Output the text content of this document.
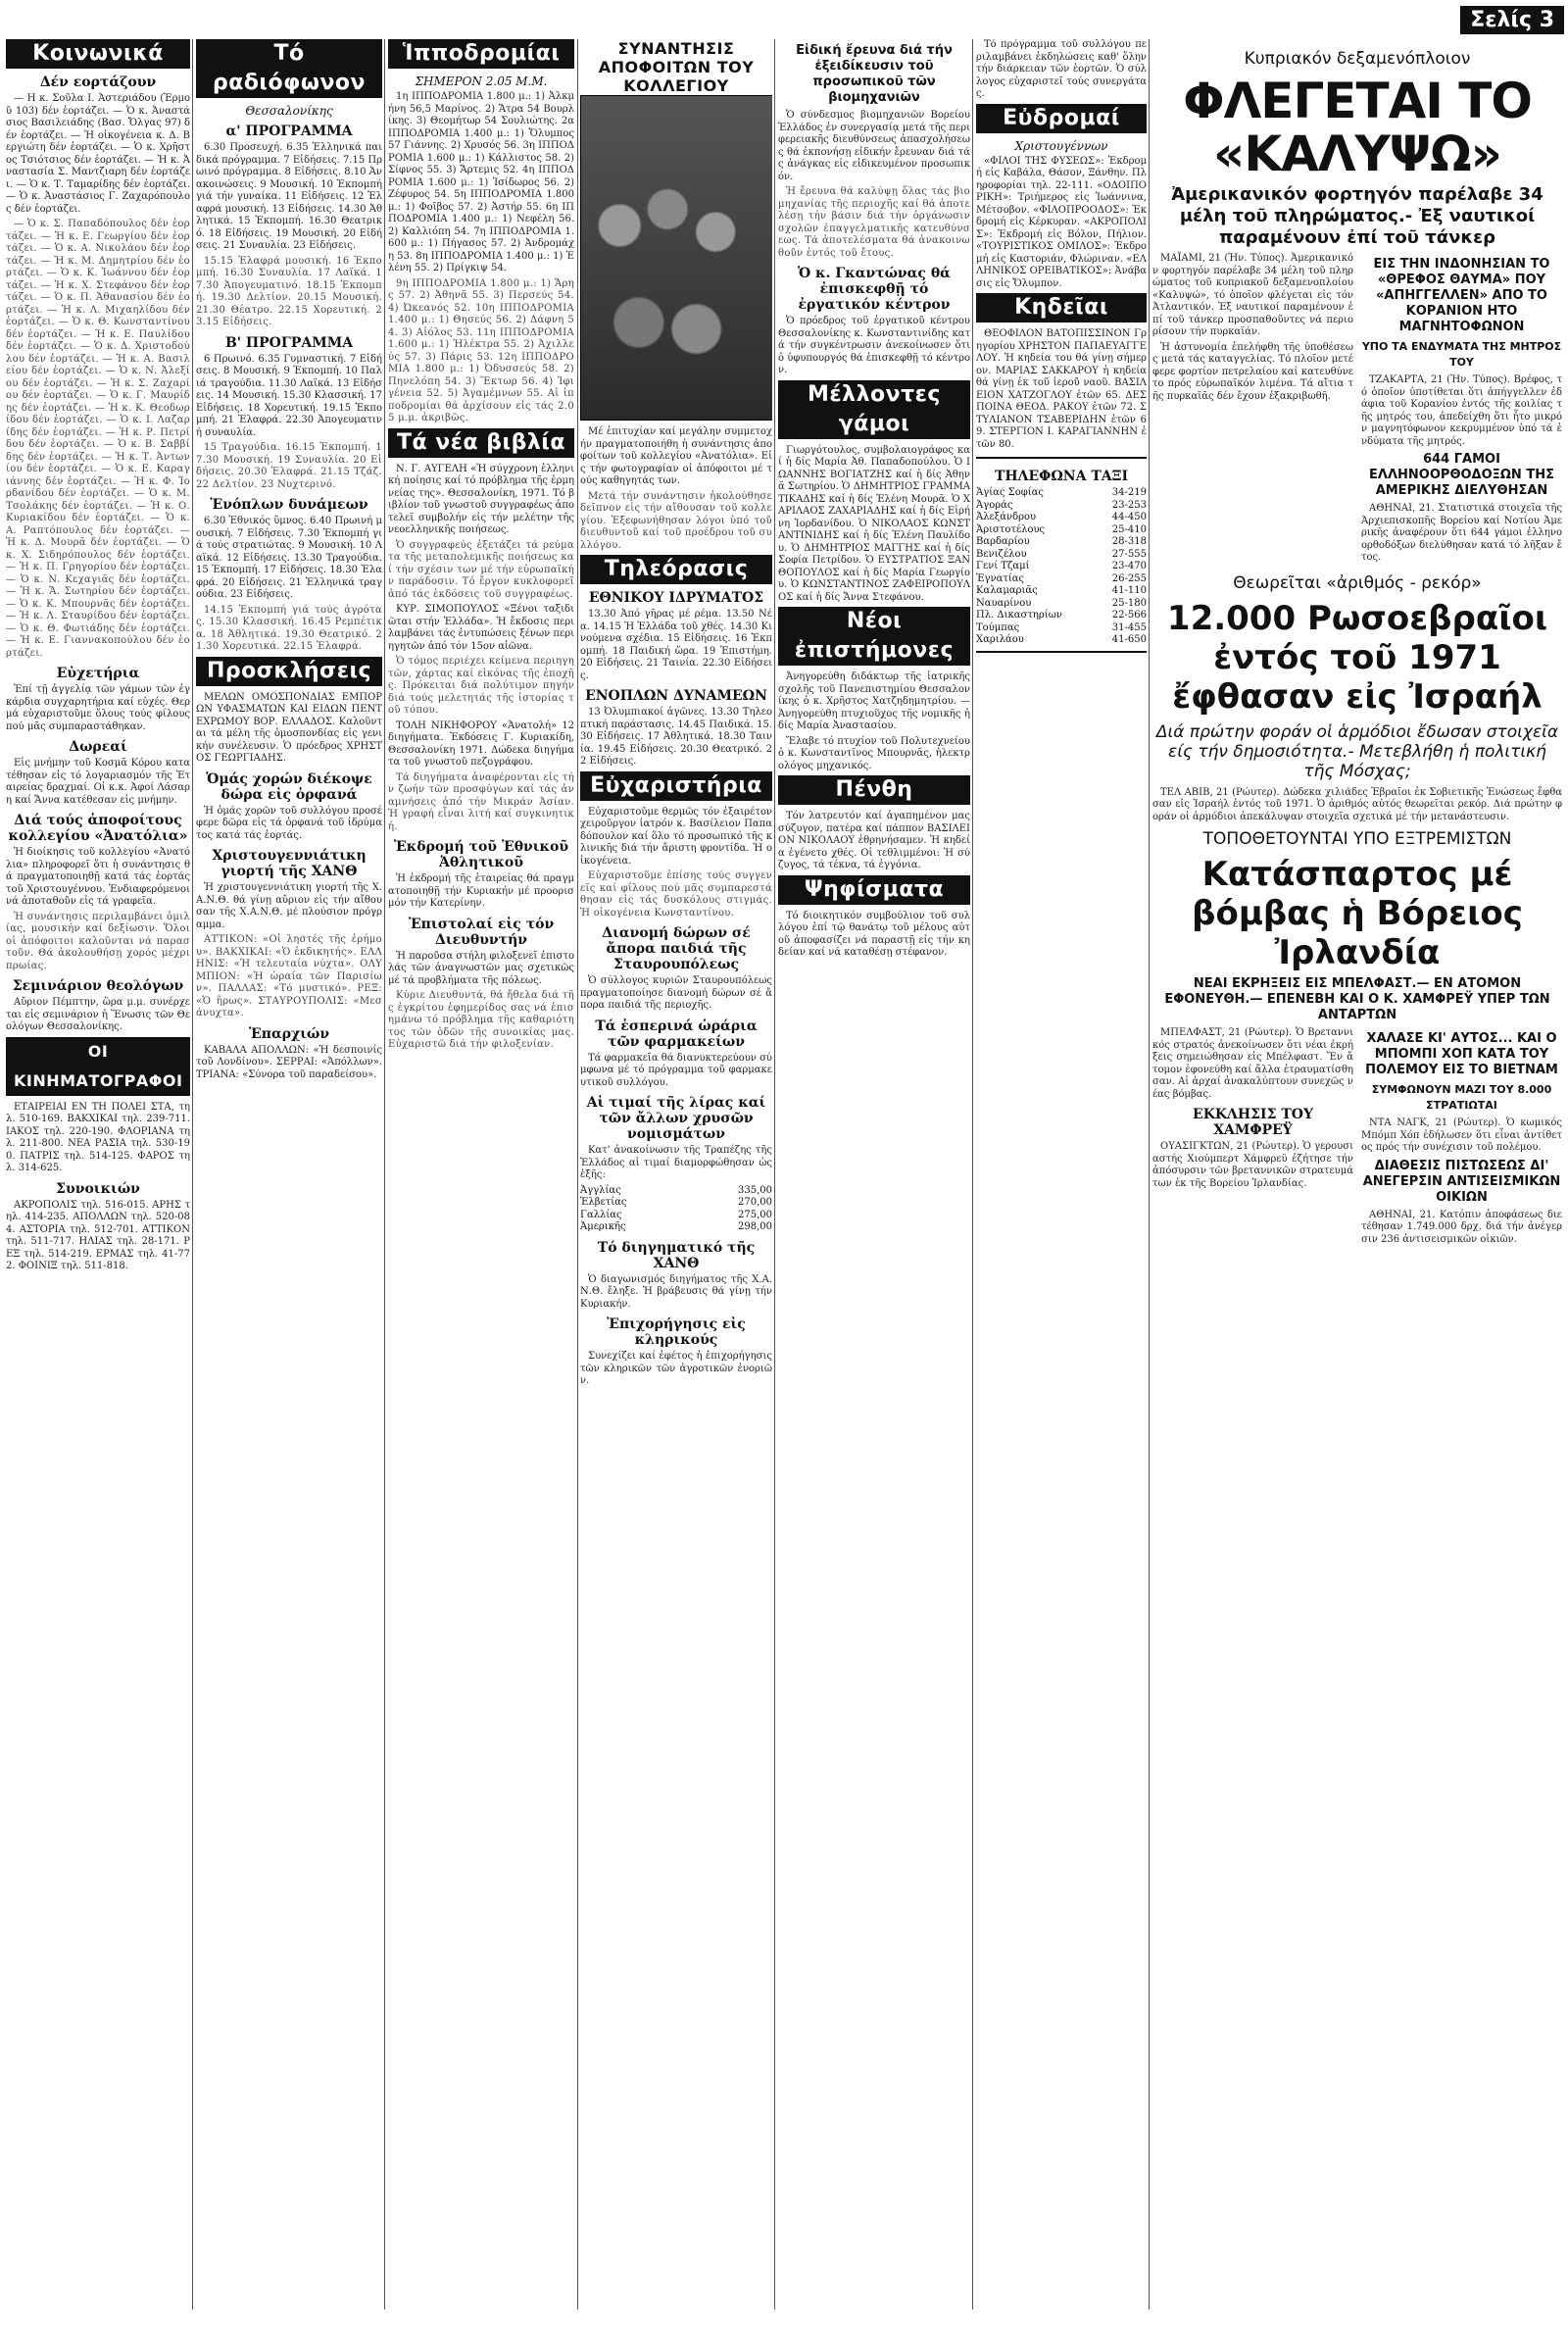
Σελίς 3
Κοινωνικά
Δέν εορτάζουν

— Η κ. Σοῦλα Ι. Ἀστεριάδου (Ἑρμοῦ 103) δέν ἑορτάζει. — Ὁ κ. Ἀναστάσιος Βασιλειάδης (Βασ. Ὄλγας 97) δέν ἑορτάζει. — Ἡ οἰκογένεια κ. Δ. Βεργιώτη δέν ἑορτάζει. — Ὁ κ. Χρῆστος Τσιότσιος δέν ἑορτάζει. — Ἡ κ. Ἀναστασία Σ. Μαντζιαρη δέν ἑορτάζει. — Ὁ κ. Τ. Ταμαρίδης δέν ἑορτάζει. — Ὁ κ. Ἀναστάσιος Γ. Ζαχαρόπουλος δέν ἑορτάζει.

— Ὁ κ. Σ. Παπαδόπουλος δέν ἑορτάζει. — Ἡ κ. Ε. Γεωργίου δέν ἑορτάζει. — Ὁ κ. Α. Νικολάου δέν ἑορτάζει. — Ἡ κ. Μ. Δημητρίου δέν ἑορτάζει. — Ὁ κ. Κ. Ἰωάννου δέν ἑορτάζει. — Ἡ κ. Χ. Στεφάνου δέν ἑορτάζει. — Ὁ κ. Π. Ἀθανασίου δέν ἑορτάζει. — Ἡ κ. Λ. Μιχαηλίδου δέν ἑορτάζει. — Ὁ κ. Θ. Κωνσταντίνου δέν ἑορτάζει. — Ἡ κ. Ε. Παυλίδου δέν ἑορτάζει. — Ὁ κ. Δ. Χριστοδούλου δέν ἑορτάζει. — Ἡ κ. Α. Βασιλείου δέν ἑορτάζει. — Ὁ κ. Ν. Ἀλεξίου δέν ἑορτάζει. — Ἡ κ. Σ. Ζαχαρίου δέν ἑορτάζει. — Ὁ κ. Γ. Μαυρίδης δέν ἑορτάζει. — Ἡ κ. Κ. Θεοδωρίδου δέν ἑορτάζει. — Ὁ κ. Ι. Λαζαρίδης δέν ἑορτάζει. — Ἡ κ. Ρ. Πετρίδου δέν ἑορτάζει. — Ὁ κ. Β. Σαββίδης δέν ἑορτάζει. — Ἡ κ. Τ. Ἀντωνίου δέν ἑορτάζει. — Ὁ κ. Ε. Καραγιάννης δέν ἑορτάζει. — Ἡ κ. Φ. Ἰορδανίδου δέν ἑορτάζει. — Ὁ κ. Μ. Τσολάκης δέν ἑορτάζει. — Ἡ κ. Ο. Κυριακίδου δέν ἑορτάζει. — Ὁ κ. Α. Ραπτόπουλος δέν ἑορτάζει. — Ἡ κ. Δ. Μουρᾶ δέν ἑορτάζει. — Ὁ κ. Χ. Σιδηρόπουλος δέν ἑορτάζει. — Ἡ κ. Π. Γρηγορίου δέν ἑορτάζει. — Ὁ κ. Ν. Κεχαγιᾶς δέν ἑορτάζει. — Ἡ κ. Ἄ. Σωτηρίου δέν ἑορτάζει. — Ὁ κ. Κ. Μπουρνᾶς δέν ἑορτάζει. — Ἡ κ. Λ. Σταυρίδου δέν ἑορτάζει. — Ὁ κ. Θ. Φωτιάδης δέν ἑορτάζει. — Ἡ κ. Ε. Γιαννακοπούλου δέν ἑορτάζει.

Εὐχετήρια

Ἐπί τῇ ἀγγελίᾳ τῶν γάμων τῶν ἐγκάρδια συγχαρητήρια καί εὐχές. Θερμά εὐχαριστοῦμε ὅλους τούς φίλους πού μᾶς συμπαραστάθηκαν.

Δωρεαί

Εἰς μνήμην τοῦ Κοσμᾶ Κόρου κατατέθησαν εἰς τό λογαριασμόν τῆς Ἐταιρείας δραχμαί. Οἱ κ.κ. Ἀφοί Λάσαρη καί Ἄννα κατέθεσαν εἰς μνήμην.

Διά τούς ἀποφοίτους κολλεγίου «Ἀνατόλια»

Ἡ διοίκησις τοῦ κολλεγίου «Ἀνατόλια» πληροφορεῖ ὅτι ἡ συνάντησις θά πραγματοποιηθῇ κατά τάς ἑορτάς τοῦ Χριστουγέννου. Ἐνδιαφερόμενοι νά ἀποταθοῦν εἰς τά γραφεῖα.

Ἡ συνάντησις περιλαμβάνει ὁμιλίας, μουσικήν καί δεξίωσιν. Ὅλοι οἱ ἀπόφοιτοι καλοῦνται νά παραστοῦν. Θά ἀκολουθήσῃ χορός μέχρι πρωίας.

Σεμινάριον θεολόγων

Αὔριον Πέμπτην, ὥρα μ.μ. συνέρχεται εἰς σεμινάριον ἡ Ἕνωσις τῶν Θεολόγων Θεσσαλονίκης.

ΟΙ ΚΙΝΗΜΑΤΟΓΡΑΦΟΙ

ΕΤΑΙΡΕΙΑΙ ΕΝ ΤΗ ΠΟΛΕΙ ΣΤΑ, τηλ. 510-169. ΒΑΚΧΙΚΑΙ τηλ. 239-711. ΙΑΚΟΣ τηλ. 220-190. ΦΛΟΡΙΑΝΑ τηλ. 211-800. ΝΕΑ ΡΑΣΙΑ τηλ. 530-190. ΠΑΤΡΙΣ τηλ. 514-125. ΦΑΡΟΣ τηλ. 314-625.

Συνοικιών

ΑΚΡΟΠΟΛΙΣ τηλ. 516-015. ΑΡΗΣ τηλ. 414-235. ΑΠΟΛΛΩΝ τηλ. 520-084. ΑΣΤΟΡΙΑ τηλ. 512-701. ΑΤΤΙΚΟΝ τηλ. 511-717. ΗΛΙΑΣ τηλ. 28-171. ΡΕΞ τηλ. 514-219. ΕΡΜΑΣ τηλ. 41-772. ΦΟΙΝΙΞ τηλ. 511-818.

Τό ραδιόφωνον
Θεσσαλονίκης
α' ΠΡΟΓΡΑΜΜΑ

6.30 Προσευχή. 6.35 Ἑλληνικά παιδικά πρόγραμμα. 7 Εἰδήσεις. 7.15 Πρωινό πρόγραμμα. 8 Εἰδήσεις. 8.10 Ἀνακοινώσεις. 9 Μουσική. 10 Ἐκπομπή γιά τήν γυναίκα. 11 Εἰδήσεις. 12 Ἐλαφρά μουσική. 13 Εἰδήσεις. 14.30 Ἀθλητικά. 15 Ἐκπομπή. 16.30 Θεατρικό. 18 Εἰδήσεις. 19 Μουσική. 20 Εἰδήσεις. 21 Συναυλία. 23 Εἰδήσεις.

15.15 Ἐλαφρά μουσική. 16 Ἐκπομπή. 16.30 Συναυλία. 17 Λαϊκά. 17.30 Ἀπογευματινό. 18.15 Ἐκπομπή. 19.30 Δελτίον. 20.15 Μουσική. 21.30 Θέατρο. 22.15 Χορευτική. 23.15 Εἰδήσεις.

Β' ΠΡΟΓΡΑΜΜΑ

6 Πρωινό. 6.35 Γυμναστική. 7 Εἰδήσεις. 8 Μουσική. 9 Ἐκπομπή. 10 Παλιά τραγούδια. 11.30 Λαϊκά. 13 Εἰδήσεις. 14 Μουσική. 15.30 Κλασσική. 17 Εἰδήσεις. 18 Χορευτική. 19.15 Ἐκπομπή. 21 Ἐλαφρά. 22.30 Ἀπογευματινή συναυλία.

15 Τραγούδια. 16.15 Ἐκπομπή. 17.30 Μουσική. 19 Συναυλία. 20 Εἰδήσεις. 20.30 Ἐλαφρά. 21.15 Τζάζ. 22 Δελτίον. 23 Νυχτερινό.

Ἐνόπλων δυνάμεων

6.30 Ἐθνικός ὕμνος. 6.40 Πρωινή μουσική. 7 Εἰδήσεις. 7.30 Ἐκπομπή γιά τούς στρατιώτας. 9 Μουσική. 10 Λαϊκά. 12 Εἰδήσεις. 13.30 Τραγούδια. 15 Ἐκπομπή. 17 Εἰδήσεις. 18.30 Ἐλαφρά. 20 Εἰδήσεις. 21 Ἐλληνικά τραγούδια. 23 Εἰδήσεις.

14.15 Ἐκπομπή γιά τούς ἀγρότας. 15.30 Κλασσική. 16.45 Ρεμπέτικα. 18 Ἀθλητικά. 19.30 Θεατρικό. 21.30 Χορευτικά. 22.15 Ἐλαφρά.

Προσκλήσεις

ΜΕΛΩΝ ΟΜΟΣΠΟΝΔΙΑΣ ΕΜΠΟΡΩΝ ΥΦΑΣΜΑΤΩΝ ΚΑΙ ΕΙΔΩΝ ΠΕΝΤΕΧΡΩΜΟΥ ΒΟΡ. ΕΛΛΑΔΟΣ. Καλοῦνται τά μέλη τῆς ὁμοσπονδίας εἰς γενικήν συνέλευσιν. Ὁ πρόεδρος ΧΡΗΣΤΟΣ ΓΕΩΡΓΙΑΔΗΣ.

Ὁμάς χορών διέκοψε δώρα εἰς ὀρφανά

Ἡ ὁμάς χορῶν τοῦ συλλόγου προσέφερε δῶρα εἰς τά ὀρφανά τοῦ ἱδρύματος κατά τάς ἑορτάς.

Χριστουγεννιάτικη γιορτή τῆς ΧΑΝΘ

Ἡ χριστουγεννιάτικη γιορτή τῆς Χ.Α.Ν.Θ. θά γίνῃ αὔριον εἰς τήν αἴθουσαν τῆς Χ.Α.Ν.Θ. μέ πλούσιον πρόγραμμα.

ΑΤΤΙΚΟΝ: «Οἱ ληστές τῆς ἐρήμου». ΒΑΚΧΙΚΑΙ: «Ὁ ἐκδικητής». ΕΛΛΗΝΙΣ: «Ἡ τελευταία νύχτα». ΟΛΥΜΠΙΟΝ: «Ἡ ὡραία τῶν Παρισίων». ΠΑΛΛΑΣ: «Τό μυστικό». ΡΕΞ: «Ὁ ἥρως». ΣΤΑΥΡΟΥΠΟΛΙΣ: «Μεσάνυχτα».

Ἐπαρχιών

ΚΑΒΑΛΑ ΑΠΟΛΛΩΝ: «Ἡ δεσποινίς τοῦ Λονδίνου». ΣΕΡΡΑΙ: «Ἀπόλλων». ΤΡΙΑΝΑ: «Σύνορα τοῦ παραδείσου».

Ἱπποδρομίαι
ΣΗΜΕΡΟΝ 2.05 Μ.Μ.

1η ΙΠΠΟΔΡΟΜΙΑ 1.800 μ.: 1) Ἀλκμήνη 56,5 Μαρίνος. 2) Ἄτρα 54 Βουρλίκης. 3) Θεομήτωρ 54 Σουλιώτης. 2α ΙΠΠΟΔΡΟΜΙΑ 1.400 μ.: 1) Ὄλυμπος 57 Γιάννης. 2) Χρυσός 56. 3η ΙΠΠΟΔΡΟΜΙΑ 1.600 μ.: 1) Κάλλιστος 58. 2) Σίφνος 55. 3) Ἄρτεμις 52. 4η ΙΠΠΟΔΡΟΜΙΑ 1.600 μ.: 1) Ἰσίδωρος 56. 2) Ζέφυρος 54. 5η ΙΠΠΟΔΡΟΜΙΑ 1.800 μ.: 1) Φοῖβος 57. 2) Ἀστήρ 55. 6η ΙΠΠΟΔΡΟΜΙΑ 1.400 μ.: 1) Νεφέλη 56. 2) Καλλιόπη 54. 7η ΙΠΠΟΔΡΟΜΙΑ 1.600 μ.: 1) Πήγασος 57. 2) Ἀνδρομάχη 53. 8η ΙΠΠΟΔΡΟΜΙΑ 1.400 μ.: 1) Ἑλένη 55. 2) Πρίγκιψ 54.

9η ΙΠΠΟΔΡΟΜΙΑ 1.800 μ.: 1) Ἄρης 57. 2) Ἀθηνᾶ 55. 3) Περσεύς 54. 4) Ὠκεανός 52. 10η ΙΠΠΟΔΡΟΜΙΑ 1.400 μ.: 1) Θησεύς 56. 2) Δάφνη 54. 3) Αἰόλος 53. 11η ΙΠΠΟΔΡΟΜΙΑ 1.600 μ.: 1) Ἠλέκτρα 55. 2) Ἀχιλλεύς 57. 3) Πάρις 53. 12η ΙΠΠΟΔΡΟΜΙΑ 1.800 μ.: 1) Ὀδυσσεύς 58. 2) Πηνελόπη 54. 3) Ἕκτωρ 56. 4) Ἰφιγένεια 52. 5) Ἀγαμέμνων 55. Αἱ ἱπποδρομίαι θά ἀρχίσουν εἰς τάς 2.05 μ.μ. ἀκριβῶς.

Τά νέα βιβλία

Ν. Γ. ΑΥΓΕΛΗ «Ἡ σύγχρονη ἑλληνική ποίησις καί τό πρόβλημα τῆς ἑρμηνείας της». Θεσσαλονίκη, 1971. Τό βιβλίον τοῦ γνωστοῦ συγγραφέως ἀποτελεῖ συμβολήν εἰς τήν μελέτην τῆς νεοελληνικῆς ποιήσεως.

Ὁ συγγραφεύς ἐξετάζει τά ρεύματα τῆς μεταπολεμικῆς ποιήσεως καί τήν σχέσιν των μέ τήν εὐρωπαϊκήν παράδοσιν. Τό ἔργον κυκλοφορεῖ ἀπό τάς ἐκδόσεις τοῦ συγγραφέως.

ΚΥΡ. ΣΙΜΟΠΟΥΛΟΣ «Ξένοι ταξιδιῶται στήν Ἑλλάδα». Ἡ ἔκδοσις περιλαμβάνει τάς ἐντυπώσεις ξένων περιηγητῶν ἀπό τόν 15ον αἰῶνα.

Ὁ τόμος περιέχει κείμενα περιηγητῶν, χάρτας καί εἰκόνας τῆς ἐποχῆς. Πρόκειται διά πολύτιμον πηγήν διά τούς μελετητάς τῆς ἱστορίας τοῦ τόπου.

ΤΟΛΗ ΝΙΚΗΦΟΡΟΥ «Ἀνατολή» 12 διηγήματα. Ἐκδόσεις Γ. Κυριακίδη, Θεσσαλονίκη 1971. Δώδεκα διηγήματα τοῦ γνωστοῦ πεζογράφου.

Τά διηγήματα ἀναφέρονται εἰς τήν ζωήν τῶν προσφύγων καί τάς ἀναμνήσεις ἀπό τήν Μικράν Ἀσίαν. Ἡ γραφή εἶναι λιτή καί συγκινητική.

Ἐκδρομή τοῦ Ἐθνικοῦ Ἀθλητικοῦ

Ἡ ἐκδρομή τῆς ἑταιρείας θά πραγματοποιηθῇ τήν Κυριακήν μέ προορισμόν τήν Κατερίνην.

Ἐπιστολαί εἰς τόν Διευθυντήν

Ἡ παροῦσα στήλη φιλοξενεῖ ἐπιστολάς τῶν ἀναγνωστῶν μας σχετικῶς μέ τά προβλήματα τῆς πόλεως.

Κύριε Διευθυντά, θά ἤθελα διά τῆς ἐγκρίτου ἐφημερίδος σας νά ἐπισημάνω τό πρόβλημα τῆς καθαριότητος τῶν ὁδῶν τῆς συνοικίας μας. Εὐχαριστῶ διά τήν φιλοξενίαν.

ΣΥΝΑΝΤΗΣΙΣ ΑΠΟΦΟΙΤΩΝ ΤΟΥ ΚΟΛΛΕΓΙΟΥ

Μέ ἐπιτυχίαν καί μεγάλην συμμετοχήν πραγματοποιήθη ἡ συνάντησις ἀποφοίτων τοῦ κολλεγίου «Ἀνατόλια». Εἰς τήν φωτογραφίαν οἱ ἀπόφοιτοι μέ τούς καθηγητάς των.

Μετά τήν συνάντησιν ἠκολούθησε δεῖπνον εἰς τήν αἴθουσαν τοῦ κολλεγίου. Ἐξεφωνήθησαν λόγοι ὑπό τοῦ διευθυντοῦ καί τοῦ προέδρου τοῦ συλλόγου.

Τηλεόρασις
ΕΘΝΙΚΟΥ ΙΔΡΥΜΑΤΟΣ

13.30 Ἀπό γῆρας μέ ρέμα. 13.50 Νέα. 14.15 Ἡ Ἑλλάδα τοῦ χθές. 14.30 Κινούμενα σχέδια. 15 Εἰδήσεις. 16 Ἐκπομπή. 18 Παιδική ὥρα. 19 Ἐπιστήμη. 20 Εἰδήσεις. 21 Ταινία. 22.30 Εἰδήσεις.

ΕΝΟΠΛΩΝ ΔΥΝΑΜΕΩΝ

13 Ὀλυμπιακοί ἀγῶνες. 13.30 Τηλεοπτική παράστασις. 14.45 Παιδικά. 15.30 Εἰδήσεις. 17 Ἀθλητικά. 18.30 Ταινία. 19.45 Εἰδήσεις. 20.30 Θεατρικό. 22 Εἰδήσεις.

Εὐχαριστήρια

Εὐχαριστοῦμε θερμῶς τόν ἐξαιρέτον χειροῦργον ἰατρόν κ. Βασίλειον Παπαδόπουλον καί ὅλο τό προσωπικό τῆς κλινικῆς διά τήν ἄριστη φροντίδα. Ἡ οἰκογένεια.

Εὐχαριστοῦμε ἐπίσης τούς συγγενεῖς καί φίλους πού μᾶς συμπαρεστάθησαν εἰς τάς δυσκόλους στιγμάς. Ἡ οἰκογένεια Κωνσταντίνου.

Διανομή δώρων σέ ἄπορα παιδιά τῆς Σταυρουπόλεως

Ὁ σύλλογος κυριῶν Σταυρουπόλεως πραγματοποίησε διανομή δώρων σέ ἄπορα παιδιά τῆς περιοχῆς.

Τά ἐσπερινά ὡράρια τῶν φαρμακείων

Τά φαρμακεῖα θά διανυκτερεύουν σύμφωνα μέ τό πρόγραμμα τοῦ φαρμακευτικοῦ συλλόγου.

Αἱ τιμαί τῆς λίρας καί τῶν ἄλλων χρυσῶν νομισμάτων

Κατ' ἀνακοίνωσιν τῆς Τραπέζης τῆς Ἑλλάδος αἱ τιμαί διαμορφώθησαν ὡς ἑξῆς:

Ἀγγλίας	335,00
Ἑλβετίας	270,00
Γαλλίας	275,00
Ἀμερικῆς	298,00
Τό διηγηματικό τῆς ΧΑΝΘ

Ὁ διαγωνισμός διηγήματος τῆς Χ.Α.Ν.Θ. ἔληξε. Ἡ βράβευσις θά γίνῃ τήν Κυριακήν.

Ἐπιχορήγησις εἰς κληρικούς

Συνεχίζει καί ἐφέτος ἡ ἐπιχορήγησις τῶν κληρικῶν τῶν ἀγροτικῶν ἐνοριῶν.

Εἰδική ἔρευνα διά τήν ἐξειδίκευσιν τοῦ προσωπικοῦ τῶν βιομηχανιῶν

Ὁ σύνδεσμος βιομηχανιῶν Βορείου Ἑλλάδος ἐν συνεργασίᾳ μετά τῆς περιφερειακῆς διευθύνσεως ἀπασχολήσεως θά ἐκπονήσῃ εἰδικήν ἔρευναν διά τάς ἀνάγκας εἰς εἰδικευμένον προσωπικόν.

Ἡ ἔρευνα θά καλύψῃ ὅλας τάς βιομηχανίας τῆς περιοχῆς καί θά ἀποτελέσῃ τήν βάσιν διά τήν ὀργάνωσιν σχολῶν ἐπαγγελματικῆς κατευθύνσεως. Τά ἀποτελέσματα θά ἀνακοινωθοῦν ἐντός τοῦ ἔτους.

Ὁ κ. Γκαντώνας θά ἐπισκεφθῇ τό ἐργατικόν κέντρον

Ὁ πρόεδρος τοῦ ἐργατικοῦ κέντρου Θεσσαλονίκης κ. Κωνσταντινίδης κατά τήν συγκέντρωσιν ἀνεκοίνωσεν ὅτι ὁ ὑφυπουργός θά ἐπισκεφθῇ τό κέντρον.

Μέλλοντες γάμοι

Γιωργότουλος, συμβολαιογράφος καί ἡ δίς Μαρία Ἀθ. Παπαδοπούλου. Ὁ ΙΩΑΝΝΗΣ ΒΟΓΙΑΤΖΗΣ καί ἡ δίς Ἀθηνᾶ Σωτηρίου. Ὁ ΔΗΜΗΤΡΙΟΣ ΓΡΑΜΜΑΤΙΚΑΔΗΣ καί ἡ δίς Ἑλένη Μουρᾶ. Ὁ ΧΑΡΙΛΑΟΣ ΖΑΧΑΡΙΑΔΗΣ καί ἡ δίς Εἰρήνη Ἰορδανίδου. Ὁ ΝΙΚΟΛΑΟΣ ΚΩΝΣΤΑΝΤΙΝΙΔΗΣ καί ἡ δίς Ἑλένη Παυλίδου. Ὁ ΔΗΜΗΤΡΙΟΣ ΜΑΓΓΗΣ καί ἡ δίς Σοφία Πετρίδου. Ὁ ΕΥΣΤΡΑΤΙΟΣ ΞΑΝΘΟΠΟΥΛΟΣ καί ἡ δίς Μαρία Γεωργίου. Ὁ ΚΩΝΣΤΑΝΤΙΝΟΣ ΖΑΦΕΙΡΟΠΟΥΛΟΣ καί ἡ δίς Ἄννα Στεφάνου.

Νέοι ἐπιστήμονες

Ἀνηγορεύθη διδάκτωρ τῆς ἰατρικῆς σχολῆς τοῦ Πανεπιστημίου Θεσσαλονίκης ὁ κ. Χρῆστος Χατζηδημητρίου. — Ἀνηγορεύθη πτυχιοῦχος τῆς νομικῆς ἡ δίς Μαρία Ἀναστασίου.

Ἔλαβε τό πτυχίον τοῦ Πολυτεχνείου ὁ κ. Κωνσταντῖνος Μπουρνᾶς, ἡλεκτρολόγος μηχανικός.

Πένθη

Τόν λατρευτόν καί ἀγαπημένον μας σύζυγον, πατέρα καί πάππον ΒΑΣΙΛΕΙΟΝ ΝΙΚΟΛΑΟΥ ἐθρηνήσαμεν. Ἡ κηδεία ἐγένετο χθές. Οἱ τεθλιμμένοι: Ἡ σύζυγος, τά τέκνα, τά ἐγγόνια.

Ψηφίσματα

Τό διοικητικόν συμβούλιον τοῦ συλλόγου ἐπί τῷ θανάτῳ τοῦ μέλους αὐτοῦ ἀποφασίζει νά παραστῇ εἰς τήν κηδείαν καί νά καταθέσῃ στέφανον.

Τό πρόγραμμα τοῦ συλλόγου περιλαμβάνει ἐκδηλώσεις καθ' ὅλην τήν διάρκειαν τῶν ἑορτῶν. Ὁ σύλλογος εὐχαριστεῖ τούς συνεργάτας.

Εὐδρομαί
Χριστουγέννων

«ΦΙΛΟΙ ΤΗΣ ΦΥΣΕΩΣ»: Ἐκδρομή εἰς Καβάλα, Θάσον, Ξάνθην. Πληροφορίαι τηλ. 22-111. «ΟΔΟΙΠΟΡΙΚΗ»: Τριήμερος εἰς Ἰωάννινα, Μέτσοβον. «ΦΙΛΟΠΡΟΟΔΟΣ»: Ἐκδρομή εἰς Κέρκυραν. «ΑΚΡΟΠΟΛΙΣ»: Ἐκδρομή εἰς Βόλον, Πήλιον. «ΤΟΥΡΙΣΤΙΚΟΣ ΟΜΙΛΟΣ»: Ἐκδρομή εἰς Καστοριάν, Φλώριναν. «ΕΛΛΗΝΙΚΟΣ ΟΡΕΙΒΑΤΙΚΟΣ»: Ἀνάβασις εἰς Ὄλυμπον.

Κηδεῖαι

ΘΕΟΦΙΛΟΝ ΒΑΤΟΠΙΣΣΙΝΟΝ Γρηγορίου ΧΡΗΣΤΟΝ ΠΑΠΑΕΥΑΓΓΕΛΟΥ. Ἡ κηδεία του θά γίνῃ σήμερον. ΜΑΡΙΑΣ ΣΑΚΚΑΡΟΥ ἡ κηδεία θά γίνῃ ἐκ τοῦ ἱεροῦ ναοῦ. ΒΑΣΙΛΕΙΟΝ ΧΑΤΖΟΓΛΟΥ ἐτῶν 65. ΔΕΣΠΟΙΝΑ ΘΕΟΔ. ΡΑΚΟΥ ἐτῶν 72. ΣΤΥΛΙΑΝΟΝ ΤΣΑΒΕΡΙΔΗΝ ἐτῶν 69. ΣΤΕΡΓΙΟΝ Ι. ΚΑΡΑΓΙΑΝΝΗΝ ἐτῶν 80.

ΤΗΛΕΦΩΝΑ ΤΑΞΙ
Ἁγίας Σοφίας	34-219
Ἀγοράς	23-253
Ἀλεξάνδρου	44-450
Ἀριστοτέλους	25-410
Βαρδαρίου	28-318
Βενιζέλου	27-555
Γενί Τζαμί	23-470
Ἐγνατίας	26-255
Καλαμαριᾶς	41-110
Ναυαρίνου	25-180
Πλ. Δικαστηρίων	22-566
Τούμπας	31-455
Χαριλάου	41-650
Κυπριακόν δεξαμενόπλοιον
ΦΛΕΓΕΤΑΙ ΤΟ «ΚΑΛΥΨΩ»
Ἀμερικανικόν φορτηγόν παρέλαβε 34 μέλη τοῦ πληρώματος.- Ἐξ ναυτικοί παραμένουν ἐπί τοῦ τάνκερ

ΜΑΪΑΜΙ, 21 (Ἡν. Τύπος). Ἀμερικανικόν φορτηγόν παρέλαβε 34 μέλη τοῦ πληρώματος τοῦ κυπριακοῦ δεξαμενοπλοίου «Καλυψώ», τό ὁποῖον φλέγεται εἰς τόν Ἀτλαντικόν. Ἐξ ναυτικοί παραμένουν ἐπί τοῦ τάνκερ προσπαθοῦντες νά περιορίσουν τήν πυρκαϊάν.

Ἡ ἀστυνομία ἐπελήφθη τῆς ὑποθέσεως μετά τάς καταγγελίας. Τό πλοῖον μετέφερε φορτίον πετρελαίου καί κατευθύνετο πρός εὐρωπαϊκόν λιμένα. Τά αἴτια τῆς πυρκαϊᾶς δέν ἔχουν ἐξακριβωθῆ.

ΕΙΣ ΤΗΝ ΙΝΔΟΝΗΣΙΑΝ ΤΟ «ΘΡΕΦΟΣ ΘΑΥΜΑ» ΠΟΥ «ΑΠΗΓΓΕΛΛΕΝ» ΑΠΟ ΤΟ ΚΟΡΑΝΙΟΝ ΗΤΟ ΜΑΓΝΗΤΟΦΩΝΟΝ
ΥΠΟ ΤΑ ΕΝΔΥΜΑΤΑ ΤΗΣ ΜΗΤΡΟΣ ΤΟΥ

ΤΖΑΚΑΡΤΑ, 21 (Ἡν. Τύπος). Βρέφος, τό ὁποῖον ὑποτίθεται ὅτι ἀπήγγελλεν ἐδάφια τοῦ Κορανίου ἐντός τῆς κοιλίας τῆς μητρός του, ἀπεδείχθη ὅτι ἦτο μικρόν μαγνητόφωνον κεκρυμμένον ὑπό τά ἐνδύματα τῆς μητρός.

644 ΓΑΜΟΙ ΕΛΛΗΝΟΟΡΘΟΔΟΞΩΝ ΤΗΣ ΑΜΕΡΙΚΗΣ ΔΙΕΛΥΘΗΣΑΝ

ΑΘΗΝΑΙ, 21. Στατιστικά στοιχεῖα τῆς Ἀρχιεπισκοπῆς Βορείου καί Νοτίου Ἀμερικῆς ἀναφέρουν ὅτι 644 γάμοι ἐλληνοορθοδόξων διελύθησαν κατά τό λῆξαν ἔτος.

Θεωρεῖται «ἀριθμός - ρεκόρ»
12.000 Ρωσοεβραῖοι ἐντός τοῦ 1971 ἔφθασαν εἰς Ἰσραήλ
Διά πρώτην φοράν οἱ ἁρμόδιοι ἔδωσαν στοιχεῖα είς τήν δημοσιότητα.- Μετεβλήθη ἡ πολιτική τῆς Μόσχας;

ΤΕΛ ΑΒΙΒ, 21 (Ρώυτερ). Δώδεκα χιλιάδες Ἑβραῖοι ἐκ Σοβιετικῆς Ἑνώσεως ἔφθασαν εἰς Ἰσραήλ ἐντός τοῦ 1971. Ὁ ἀριθμός αὐτός θεωρεῖται ρεκόρ. Διά πρώτην φοράν οἱ ἁρμόδιοι ἀπεκάλυψαν στοιχεῖα σχετικά μέ τήν μετανάστευσιν.

ΤΟΠΟΘΕΤΟΥΝΤΑΙ ΥΠΟ ΕΞΤΡΕΜΙΣΤΩΝ
Κατάσπαρτος μέ βόμβας ἡ Βόρειος Ἰρλανδία
ΝΕΑΙ ΕΚΡΗΞΕΙΣ ΕΙΣ ΜΠΕΛΦΑΣΤ.— ΕΝ ΑΤΟΜΟΝ ΕΦΟΝΕΥΘΗ.— ΕΠΕΝΕΒΗ ΚΑΙ Ο Κ. ΧΑΜΦΡΕΫ ΥΠΕΡ ΤΩΝ ΑΝΤΑΡΤΩΝ

ΜΠΕΛΦΑΣΤ, 21 (Ρώυτερ). Ὁ Βρεταννικός στρατός ἀνεκοίνωσεν ὅτι νέαι ἐκρήξεις σημειώθησαν εἰς Μπέλφαστ. Ἕν ἄτομον ἐφονεύθη καί ἄλλα ἐτραυματίσθησαν. Αἱ ἀρχαί ἀνακαλύπτουν συνεχῶς νέας βόμβας.

ΕΚΚΛΗΣΙΣ ΤΟΥ ΧΑΜΦΡΕΫ

ΟΥΑΣΙΓΚΤΩΝ, 21 (Ρώυτερ). Ὁ γερουσιαστής Χιούμπερτ Χάμφρεϋ ἐζήτησε τήν ἀπόσυρσιν τῶν βρεταννικῶν στρατευμάτων ἐκ τῆς Βορείου Ἰρλανδίας.

ΧΑΛΑΣΕ ΚΙ' ΑΥΤΟΣ... ΚΑΙ Ο ΜΠΟΜΠΙ ΧΟΠ ΚΑΤΑ ΤΟΥ ΠΟΛΕΜΟΥ ΕΙΣ ΤΟ ΒΙΕΤΝΑΜ
ΣΥΜΦΩΝΟΥΝ ΜΑΖΙ ΤΟΥ 8.000 ΣΤΡΑΤΙΩΤΑΙ

ΝΤΑ ΝΑΓΚ, 21 (Ρώυτερ). Ὁ κωμικός Μπόμπ Χόπ ἐδήλωσεν ὅτι εἶναι ἀντίθετος πρός τήν συνέχισιν τοῦ πολέμου.

ΔΙΑΘΕΣΙΣ ΠΙΣΤΩΣΕΩΣ ΔΙ' ΑΝΕΓΕΡΣΙΝ ΑΝΤΙΣΕΙΣΜΙΚΩΝ ΟΙΚΙΩΝ

ΑΘΗΝΑΙ, 21. Κατόπιν ἀποφάσεως διετέθησαν 1.749.000 δρχ. διά τήν ἀνέγερσιν 236 ἀντισεισμικῶν οἰκιῶν.
